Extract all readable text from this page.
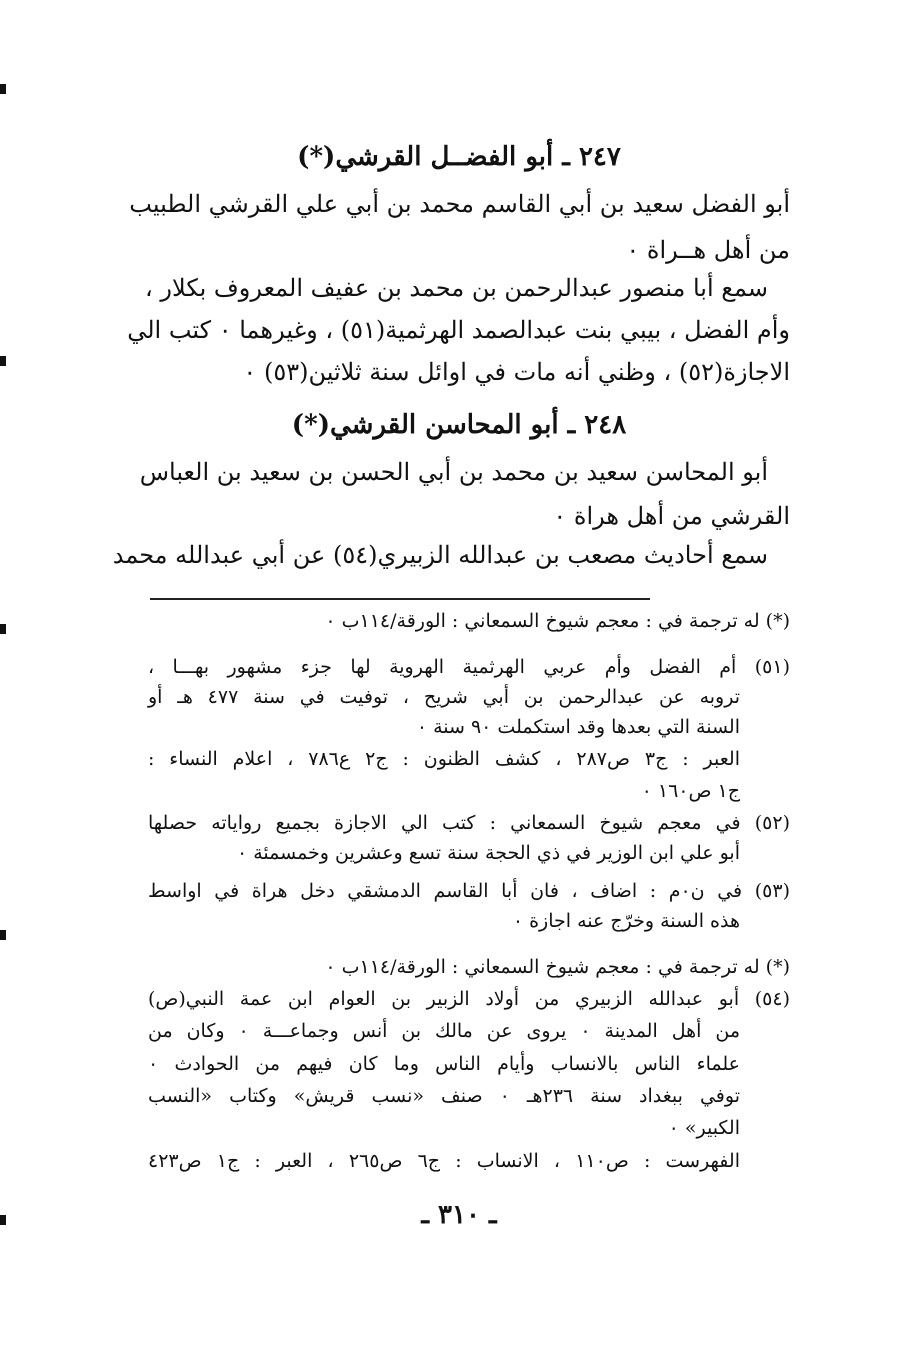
٢٤٧ ـ أبو الفضــل القرشي(*)
أبو الفضل سعيد بن أبي القاسم محمد بن أبي علي القرشي الطبيب
من أهل هــراة ٠
سمع أبا منصور عبدالرحمن بن محمد بن عفيف المعروف بكلار ،
وأم الفضل ، بيبي بنت عبدالصمد الهرثمية(٥١) ، وغيرهما ٠ كتب الي
الاجازة(٥٢) ، وظني أنه مات في اوائل سنة ثلاثين(٥٣) ٠
٢٤٨ ـ أبو المحاسن القرشي(*)
أبو المحاسن سعيد بن محمد بن أبي الحسن بن سعيد بن العباس
القرشي من أهل هراة ٠
سمع أحاديث مصعب بن عبدالله الزبيري(٥٤) عن أبي عبدالله محمد
(*) له ترجمة في : معجم شيوخ السمعاني : الورقة/١١٤ب ٠
(٥١) أم الفضل وأم عربي الهرثمية الهروية لها جزء مشهور بهـــا ،
تروبه عن عبدالرحمن بن أبي شريح ، توفيت في سنة ٤٧٧ هـ أو
السنة التي بعدها وقد استكملت ٩٠ سنة ٠
العبر : ج٣ ص٢٨٧ ، كشف الظنون : ج٢ ع٧٨٦ ، اعلام النساء :
ج١ ص١٦٠ ٠
(٥٢) في معجم شيوخ السمعاني : كتب الي الاجازة بجميع رواياته حصلها
أبو علي ابن الوزير في ذي الحجة سنة تسع وعشرين وخمسمئة ٠
(٥٣) في ن٠م : اضاف ، فان أبا القاسم الدمشقي دخل هراة في اواسط
هذه السنة وخرّج عنه اجازة ٠
(*) له ترجمة في : معجم شيوخ السمعاني : الورقة/١١٤ب ٠
(٥٤) أبو عبدالله الزبيري من أولاد الزبير بن العوام ابن عمة النبي(ص)
من أهل المدينة ٠ يروى عن مالك بن أنس وجماعـــة ٠ وكان من
علماء الناس بالانساب وأيام الناس وما كان فيهم من الحوادث ٠
توفي ببغداد سنة ٢٣٦هـ ٠ صنف «نسب قريش» وكتاب «النسب
الكبير» ٠
الفهرست : ص١١٠ ، الانساب : ج٦ ص٢٦٥ ، العبر : ج١ ص٤٢٣
ـ ٣١٠ ـ
